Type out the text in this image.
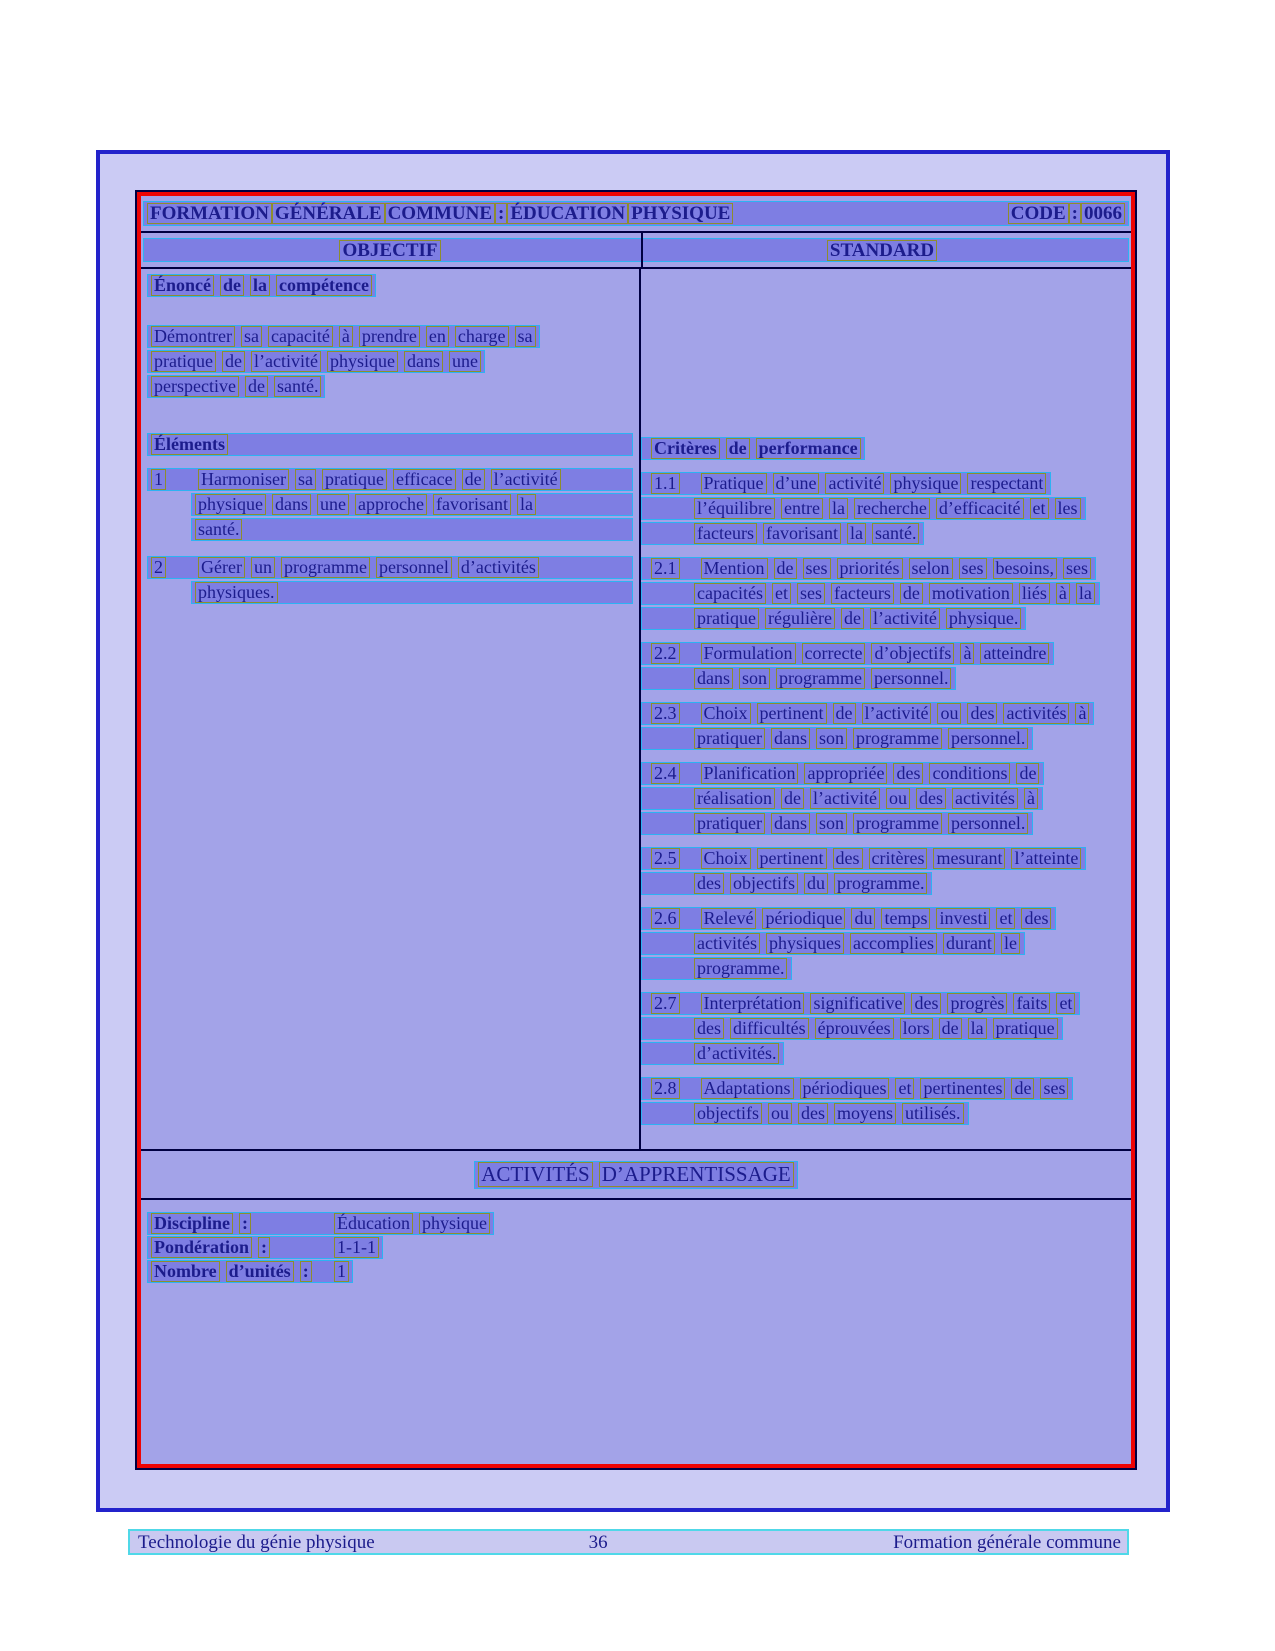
FORMATION GÉNÉRALE COMMUNE : ÉDUCATION PHYSIQUE	CODE : 0066
OBJECTIF	STANDARD
Énoncé de la compétence
Démontrer sa capacité à prendre en charge sa
pratique de l’activité physique dans une
perspective de santé.
Éléments
1 Harmoniser sa pratique efficace de l’activité
physique dans une approche favorisant la
santé.
2 Gérer un programme personnel d’activités
physiques.
Critères de performance
1.1 Pratique d’une activité physique respectant
l’équilibre entre la recherche d’efficacité et les
facteurs favorisant la santé.
2.1 Mention de ses priorités selon ses besoins, ses
capacités et ses facteurs de motivation liés à la
pratique régulière de l’activité physique.
2.2 Formulation correcte d’objectifs à atteindre
dans son programme personnel.
2.3 Choix pertinent de l’activité ou des activités à
pratiquer dans son programme personnel.
2.4 Planification appropriée des conditions de
réalisation de l’activité ou des activités à
pratiquer dans son programme personnel.
2.5 Choix pertinent des critères mesurant l’atteinte
des objectifs du programme.
2.6 Relevé périodique du temps investi et des
activités physiques accomplies durant le
programme.
2.7 Interprétation significative des progrès faits et
des difficultés éprouvées lors de la pratique
d’activités.
2.8 Adaptations périodiques et pertinentes de ses
objectifs ou des moyens utilisés.
ACTIVITÉS D’APPRENTISSAGE
Discipline :	Éducation physique
Pondération :	1-1-1
Nombre d’unités : 1
Technologie du génie physique	36	Formation générale commune
